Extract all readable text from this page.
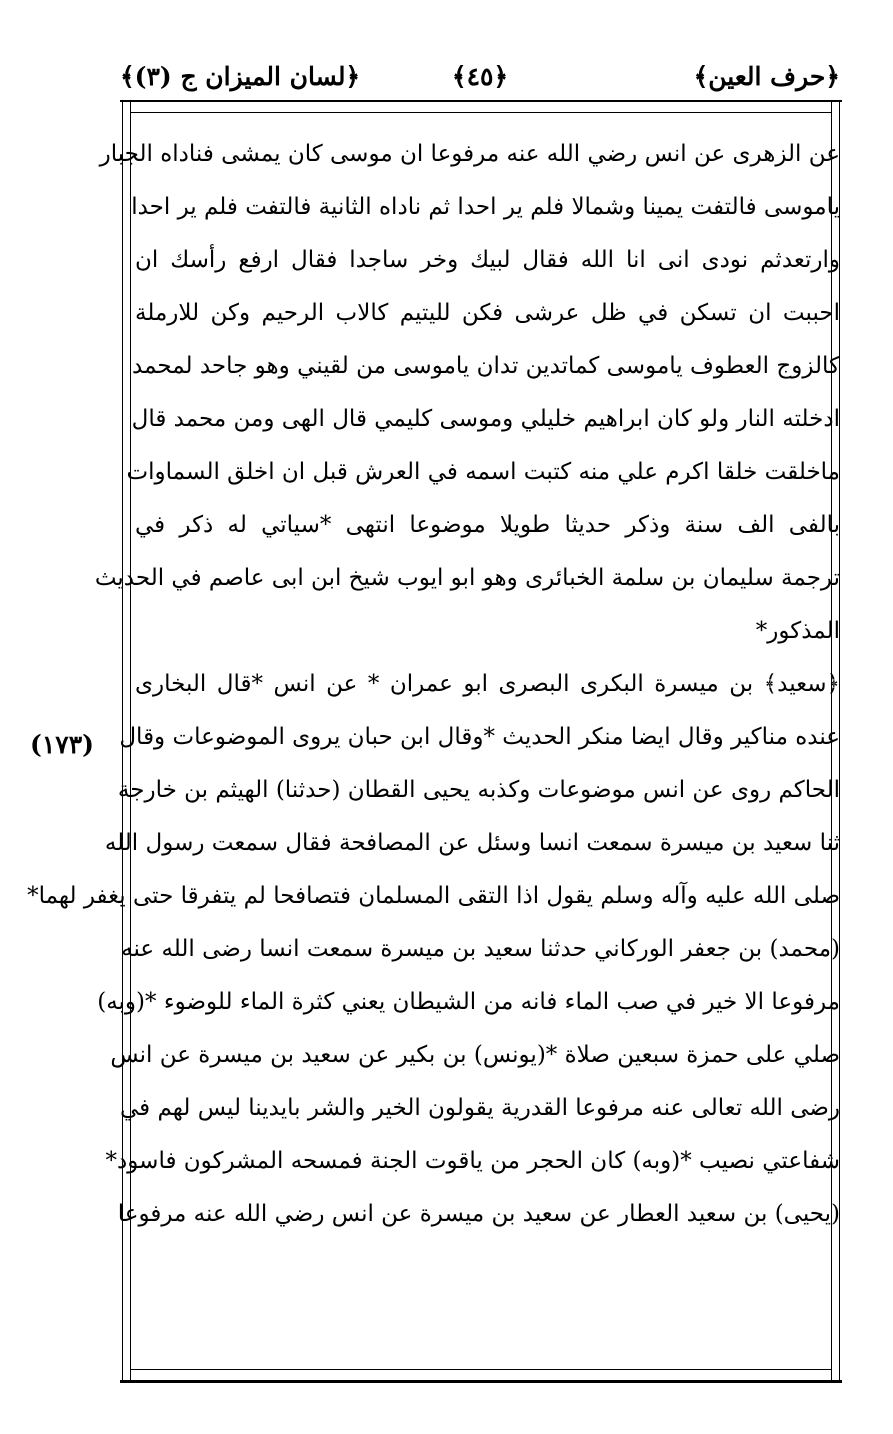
﴿حرف العين﴾
﴿٤٥﴾
﴿لسان الميزان ج (٣)﴾
(١٧٣)
عن الزهرى عن انس رضي الله عنه مرفوعا ان موسى كان يمشى فناداه الجبار
ياموسى فالتفت يمينا وشمالا فلم ير احدا ثم ناداه الثانية فالتفت فلم ير احدا
وارتعدثم نودى انى انا الله فقال لبيك وخر ساجدا فقال ارفع رأسك ان
احببت ان تسكن في ظل عرشى فكن لليتيم كالاب الرحيم وكن للارملة
كالزوج العطوف ياموسى كماتدين تدان ياموسى من لقيني وهو جاحد لمحمد
ادخلته النار ولو كان ابراهيم خليلي وموسى كليمي قال الهى ومن محمد قال
ماخلقت خلقا اكرم علي منه كتبت اسمه في العرش قبل ان اخلق السماوات
بالفى الف سنة وذكر حديثا طويلا موضوعا انتهى *سياتي له ذكر في
ترجمة سليمان بن سلمة الخبائرى وهو ابو ايوب شيخ ابن ابى عاصم في الحديث
المذكور*
﴿سعيد﴾ بن ميسرة البكرى البصرى ابو عمران * عن انس *قال البخارى
عنده مناكير وقال ايضا منكر الحديث *وقال ابن حبان يروى الموضوعات وقال
الحاكم روى عن انس موضوعات وكذبه يحيى القطان (حدثنا) الهيثم بن خارجة
ثنا سعيد بن ميسرة سمعت انسا وسئل عن المصافحة فقال سمعت رسول الله
صلى الله عليه وآله وسلم يقول اذا التقى المسلمان فتصافحا لم يتفرقا حتى يغفر لهما*
(محمد) بن جعفر الوركاني حدثنا سعيد بن ميسرة سمعت انسا رضى الله عنه
مرفوعا الا خير في صب الماء فانه من الشيطان يعني كثرة الماء للوضوء *(وبه)
صلي على حمزة سبعين صلاة *(يونس) بن بكير عن سعيد بن ميسرة عن انس
رضى الله تعالى عنه مرفوعا القدرية يقولون الخير والشر بايدينا ليس لهم في
شفاعتي نصيب *(وبه) كان الحجر من ياقوت الجنة فمسحه المشركون فاسود*
(يحيى) بن سعيد العطار عن سعيد بن ميسرة عن انس رضي الله عنه مرفوعا
